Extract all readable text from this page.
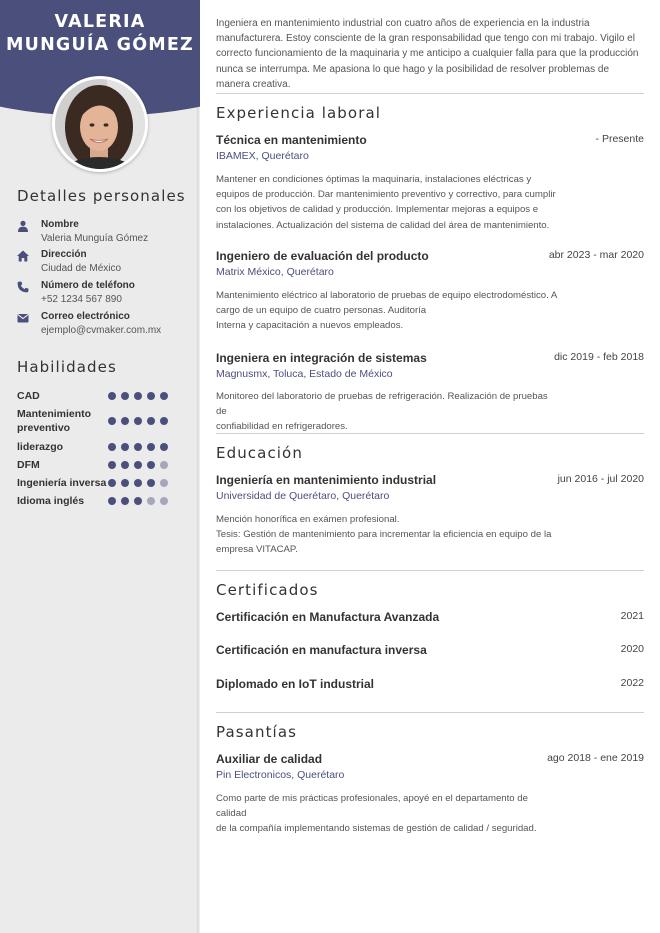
VALERIA
MUNGUÍA GÓMEZ
Detalles personales
Nombre
Valeria Munguía Gómez
Dirección
Ciudad de México
Número de teléfono
+52 1234 567 890
Correo electrónico
ejemplo@cvmaker.com.mx
Habilidades
CAD
Mantenimiento preventivo
liderazgo
DFM
Ingeniería inversa
Idioma inglés
Ingeniera en mantenimiento industrial con cuatro años de experiencia en la industria manufacturera. Estoy consciente de la gran responsabilidad que tengo con mi trabajo. Vigilo el correcto funcionamiento de la maquinaria y me anticipo a cualquier falla para que la producción nunca se interrumpa. Me apasiona lo que hago y la posibilidad de resolver problemas de manera creativa.
Experiencia laboral
Técnica en mantenimiento	- Presente
IBAMEX, Querétaro
Mantener en condiciones óptimas la maquinaria, instalaciones eléctricas y
equipos de producción. Dar mantenimiento preventivo y correctivo, para cumplir
con los objetivos de calidad y producción. Implementar mejoras a equipos e
instalaciones. Actualización del sistema de calidad del área de mantenimiento.
Ingeniero de evaluación del producto	abr 2023 - mar 2020
Matrix México, Querétaro
Mantenimiento eléctrico al laboratorio de pruebas de equipo electrodoméstico. A
cargo de un equipo de cuatro personas. Auditoría
Interna y capacitación a nuevos empleados.
Ingeniera en integración de sistemas	dic 2019 - feb 2018
Magnusmx, Toluca, Estado de México
Monitoreo del laboratorio de pruebas de refrigeración. Realización de pruebas de
confiabilidad en refrigeradores.
Educación
Ingeniería en mantenimiento industrial	jun 2016 - jul 2020
Universidad de Querétaro, Querétaro
Mención honorífica en exámen profesional.
Tesis: Gestión de mantenimiento para incrementar la eficiencia en equipo de la
empresa VITACAP.
Certificados
Certificación en Manufactura Avanzada	2021
Certificación en manufactura inversa	2020
Diplomado en IoT industrial	2022
Pasantías
Auxiliar de calidad	ago 2018 - ene 2019
Pin Electronicos, Querétaro
Como parte de mis prácticas profesionales, apoyé en el departamento de calidad
de la compañía implementando sistemas de gestión de calidad / seguridad.
